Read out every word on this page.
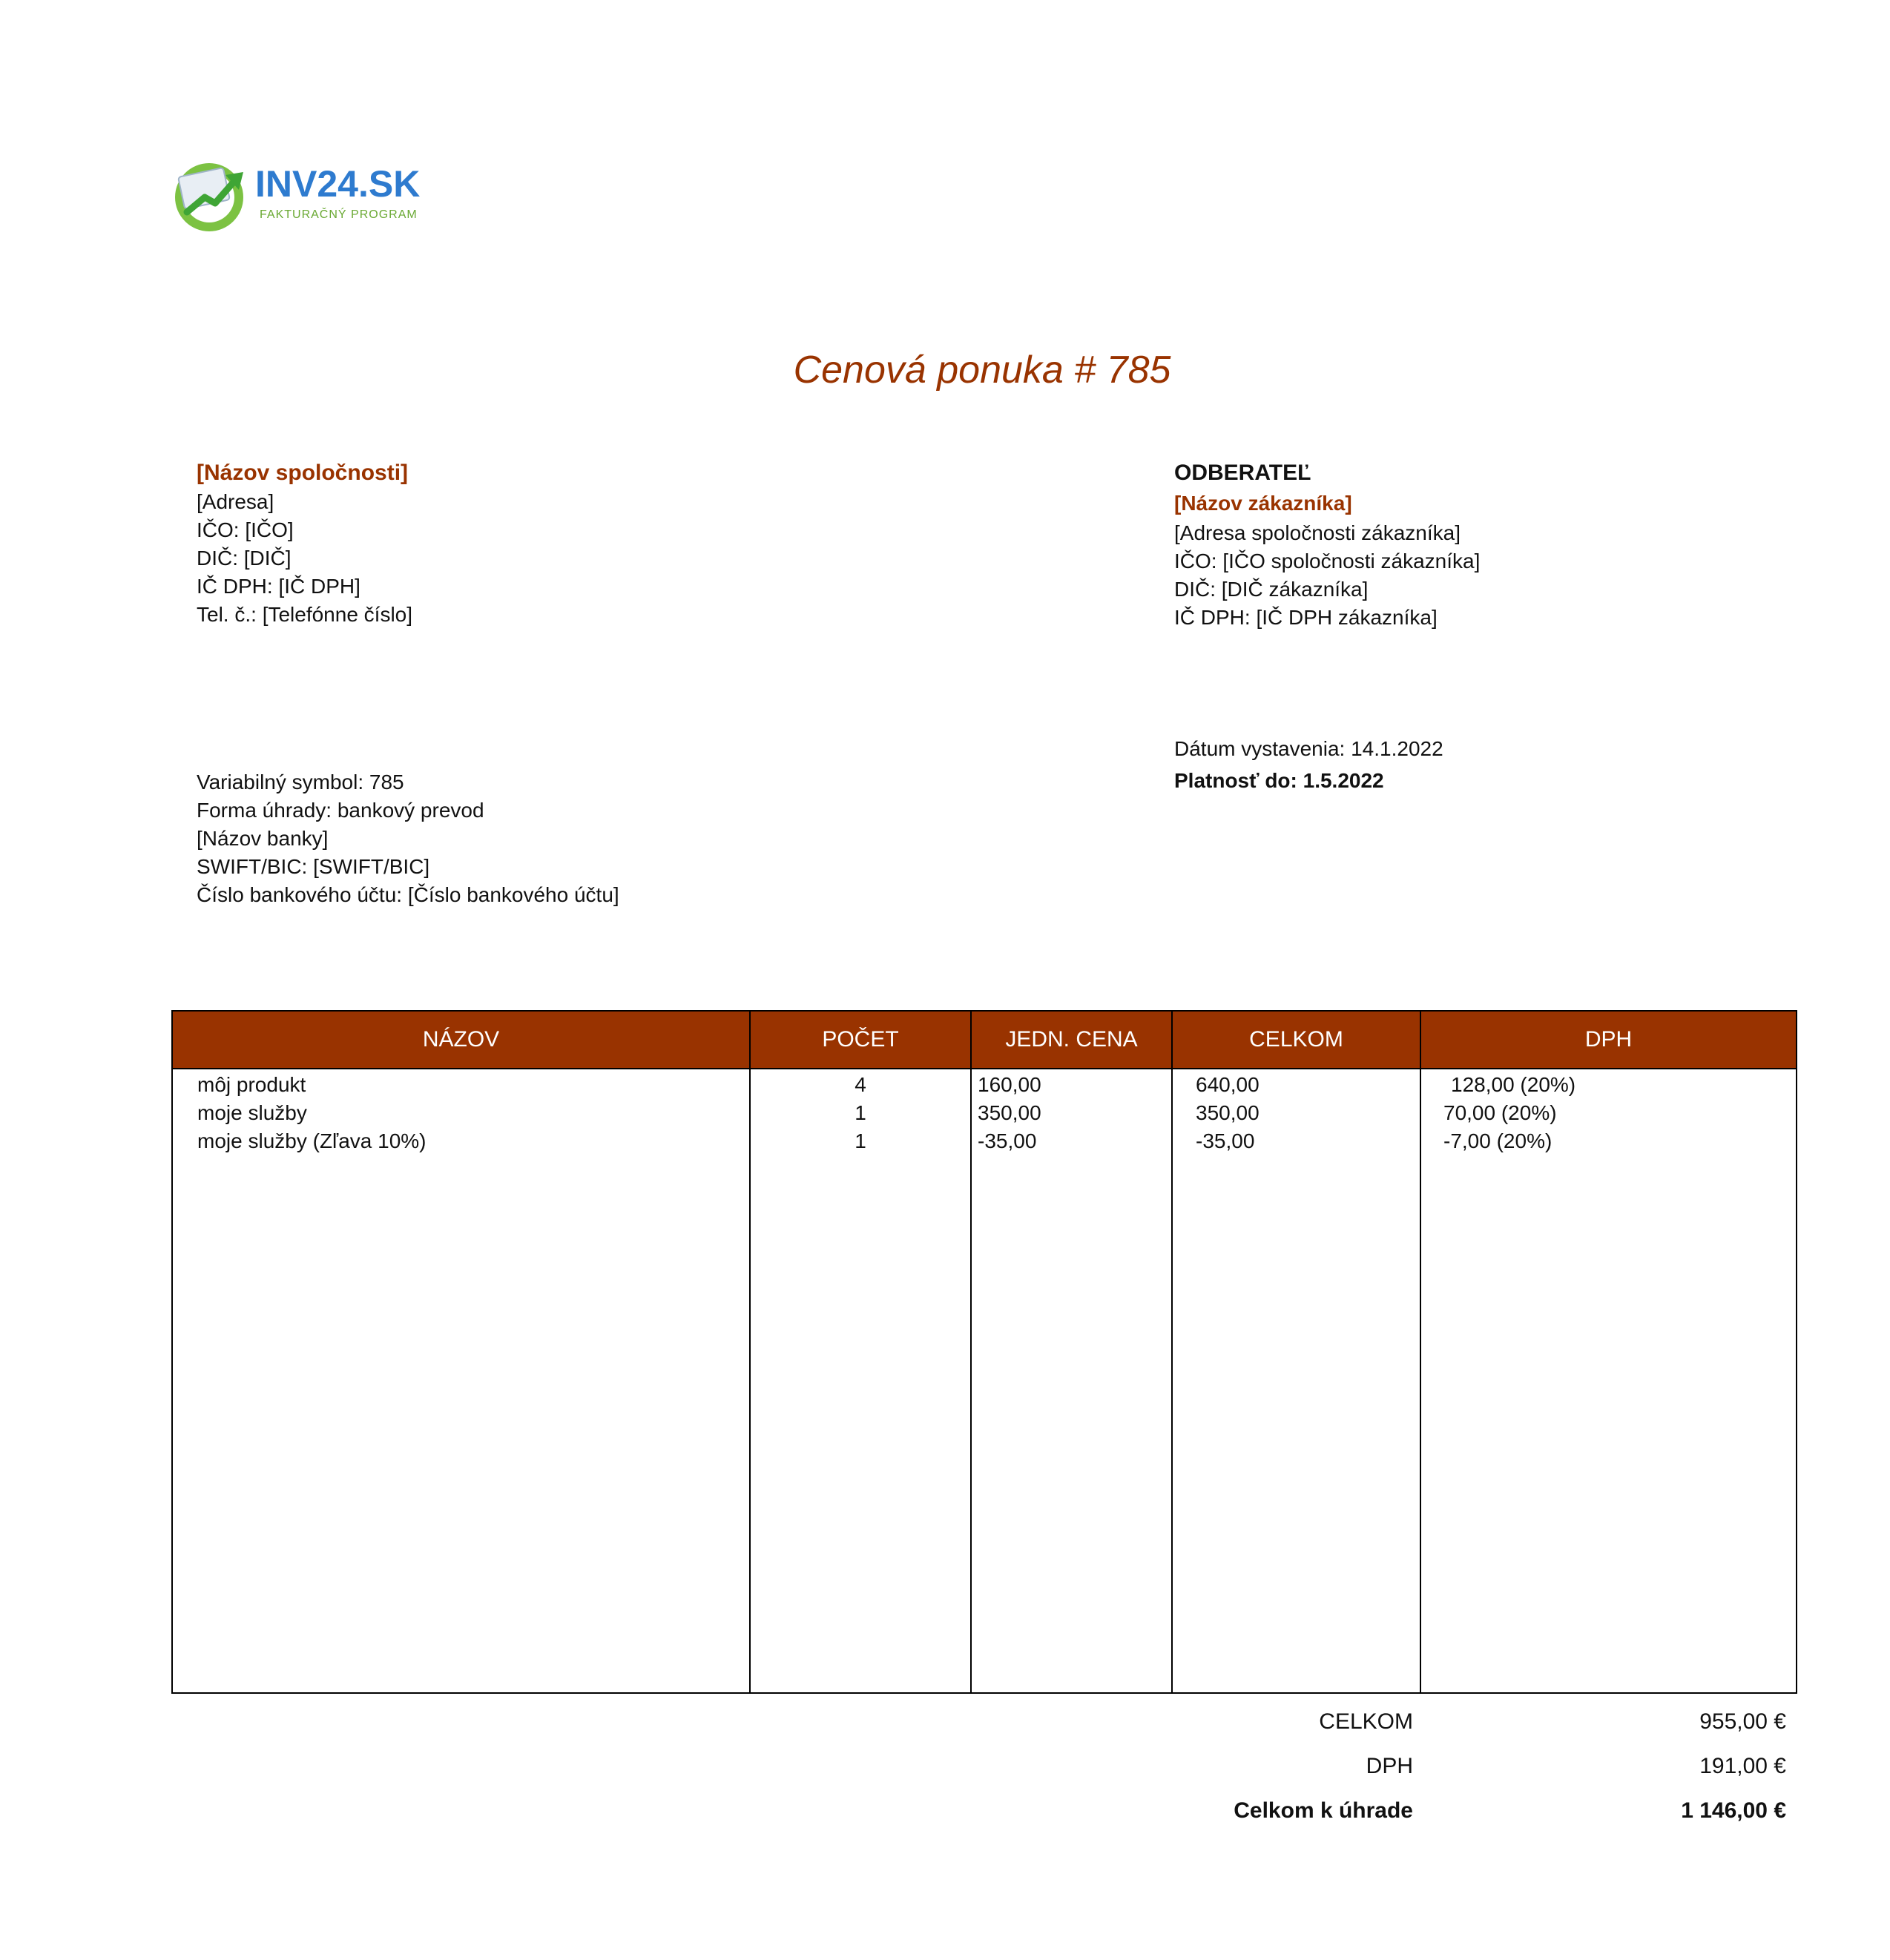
INV24.SK
FAKTURAČNÝ PROGRAM
Cenová ponuka # 785
[Názov spoločnosti]
[Adresa]
IČO: [IČO]
DIČ: [DIČ]
IČ DPH: [IČ DPH]
Tel. č.: [Telefónne číslo]
ODBERATEĽ
[Názov zákazníka]
[Adresa spoločnosti zákazníka]
IČO: [IČO spoločnosti zákazníka]
DIČ: [DIČ zákazníka]
IČ DPH: [IČ DPH zákazníka]
Dátum vystavenia: 14.1.2022
Platnosť do: 1.5.2022
Variabilný symbol: 785
Forma úhrady: bankový prevod
[Názov banky]
SWIFT/BIC: [SWIFT/BIC]
Číslo bankového účtu: [Číslo bankového účtu]
NÁZOV	POČET	JEDN. CENA	CELKOM	DPH
môj produkt	4	160,00	640,00	128,00 (20%)
moje služby	1	350,00	350,00	70,00 (20%)
moje služby (Zľava 10%)	1	-35,00	-35,00	-7,00 (20%)
CELKOM	955,00 €
DPH	191,00 €
Celkom k úhrade	1 146,00 €
